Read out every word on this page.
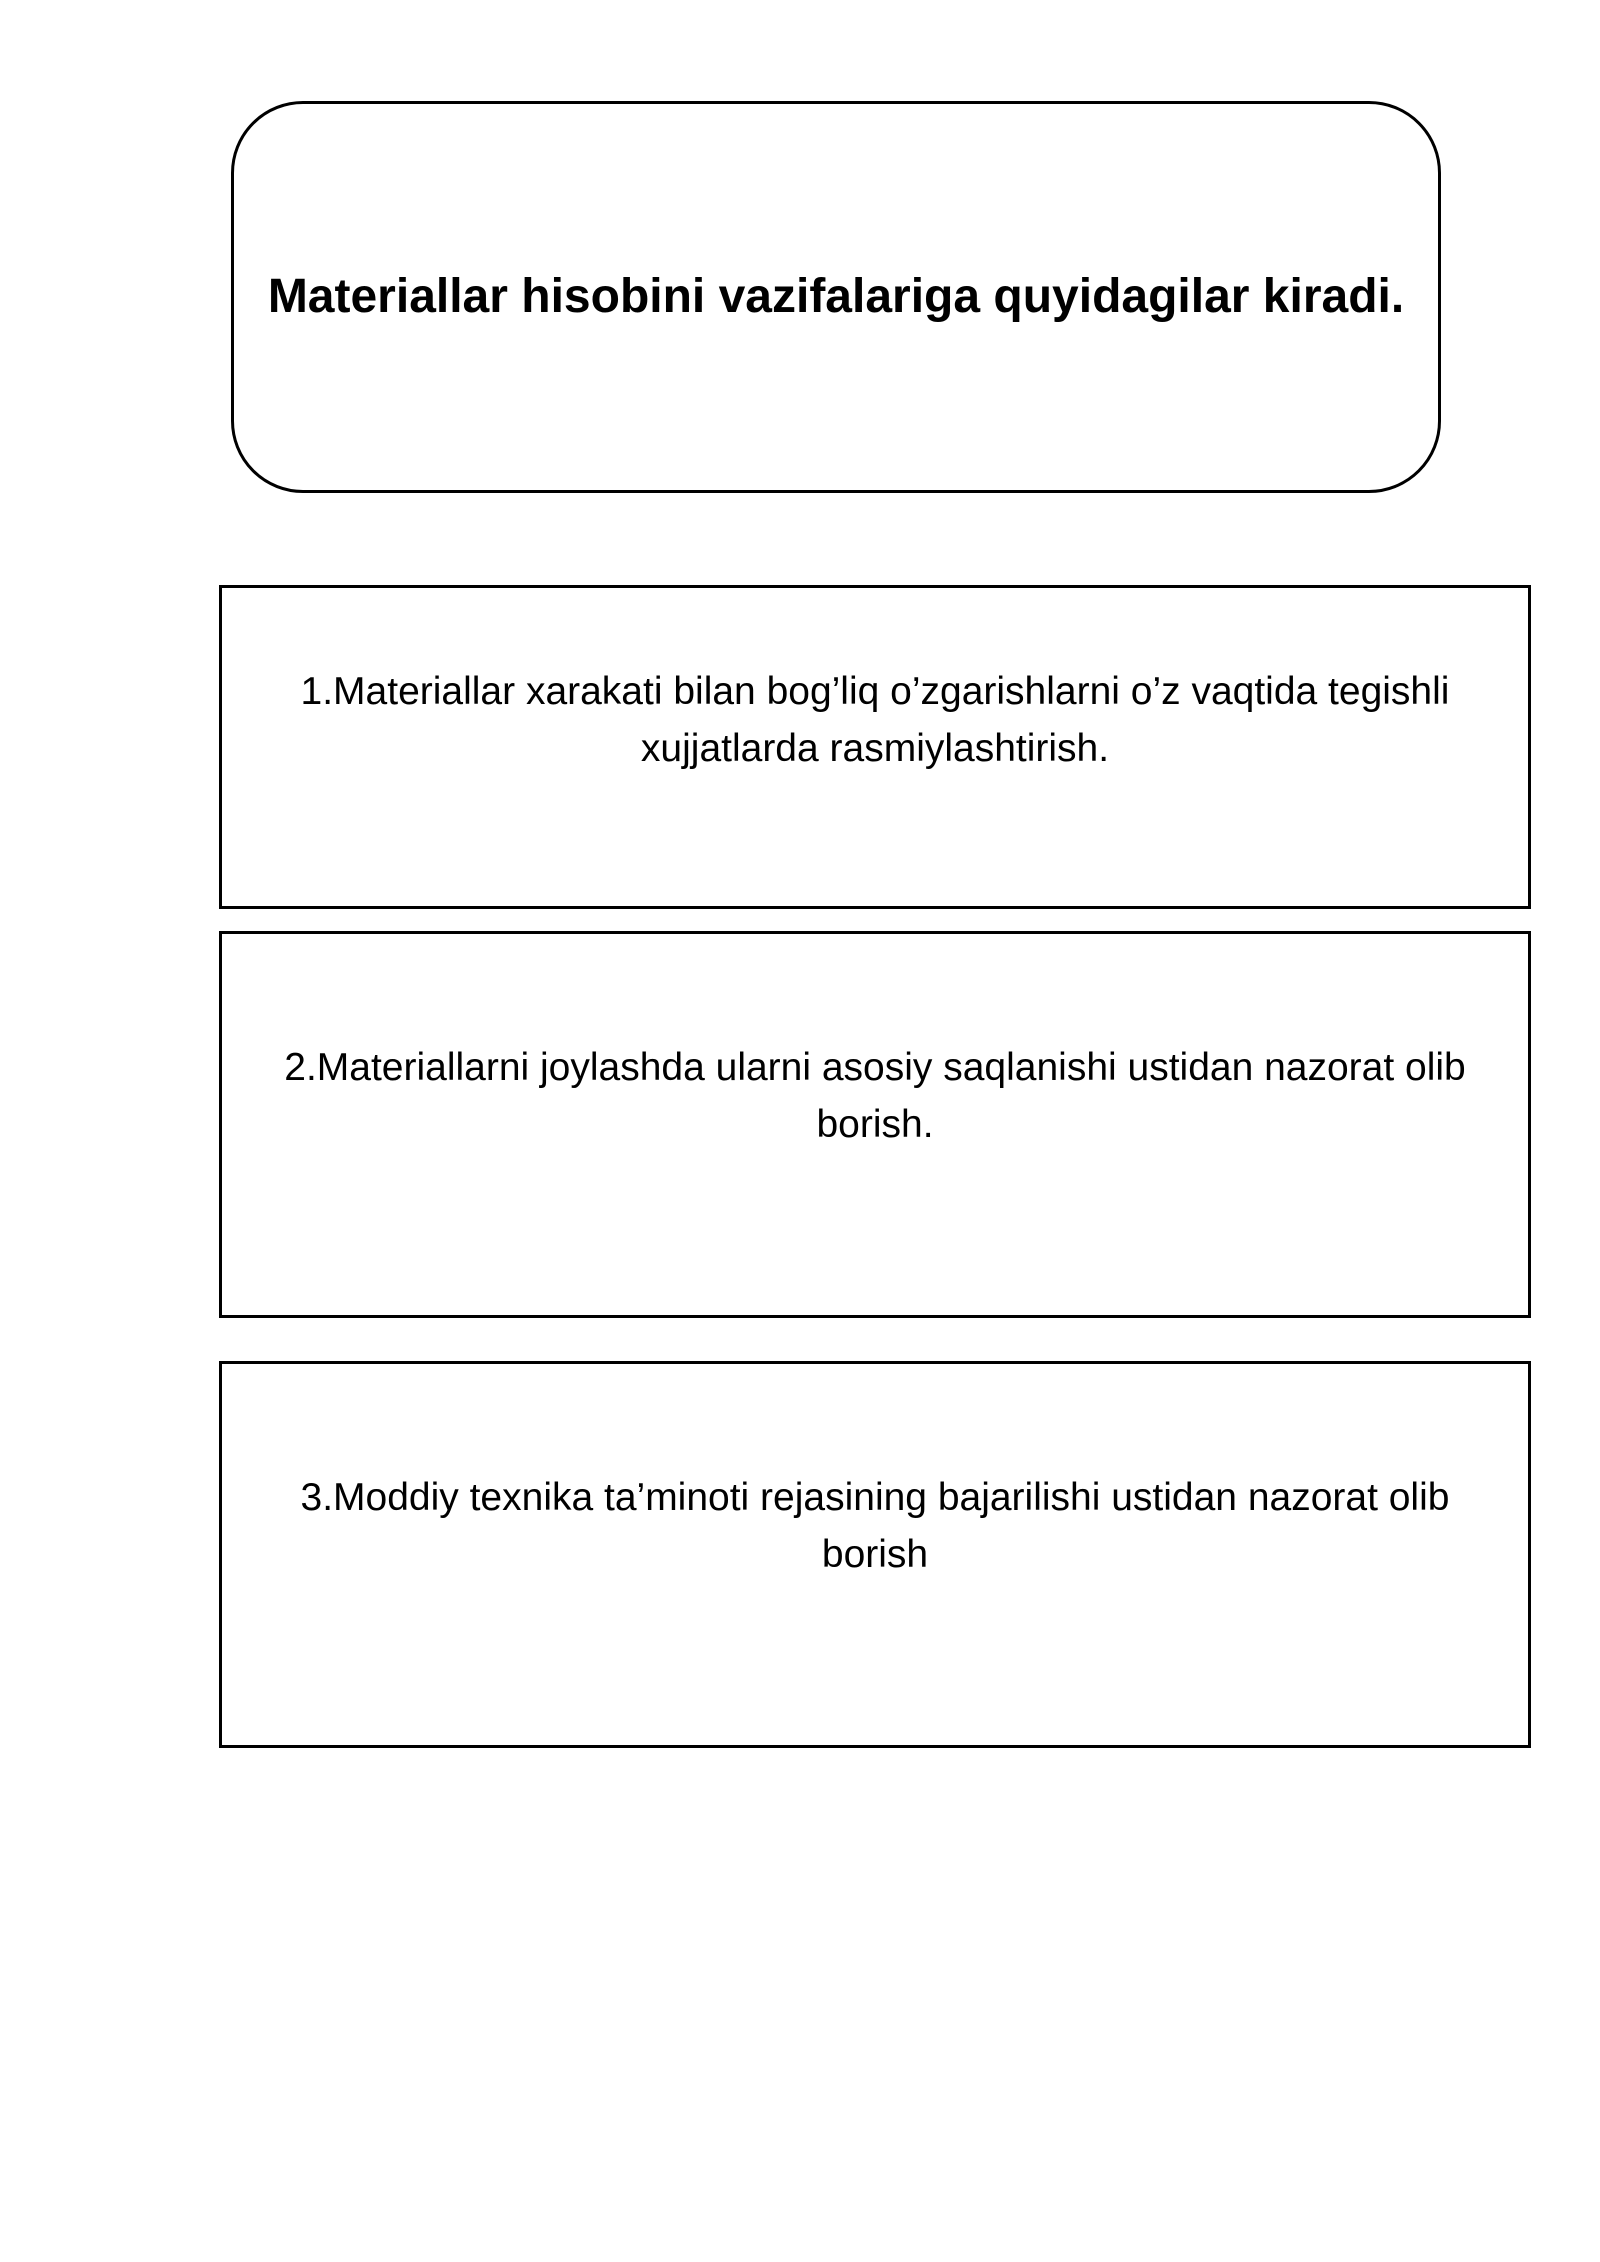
Materiallar hisobini vazifalariga quyidagilar kiradi.

1.Materiallar xarakati bilan bog’liq o’zgarishlarni o’z vaqtida tegishli xujjatlarda rasmiylashtirish.

2.Materiallarni joylashda ularni asosiy saqlanishi ustidan nazorat olib borish.

3.Moddiy texnika ta’minoti rejasining bajarilishi ustidan nazorat olib borish
